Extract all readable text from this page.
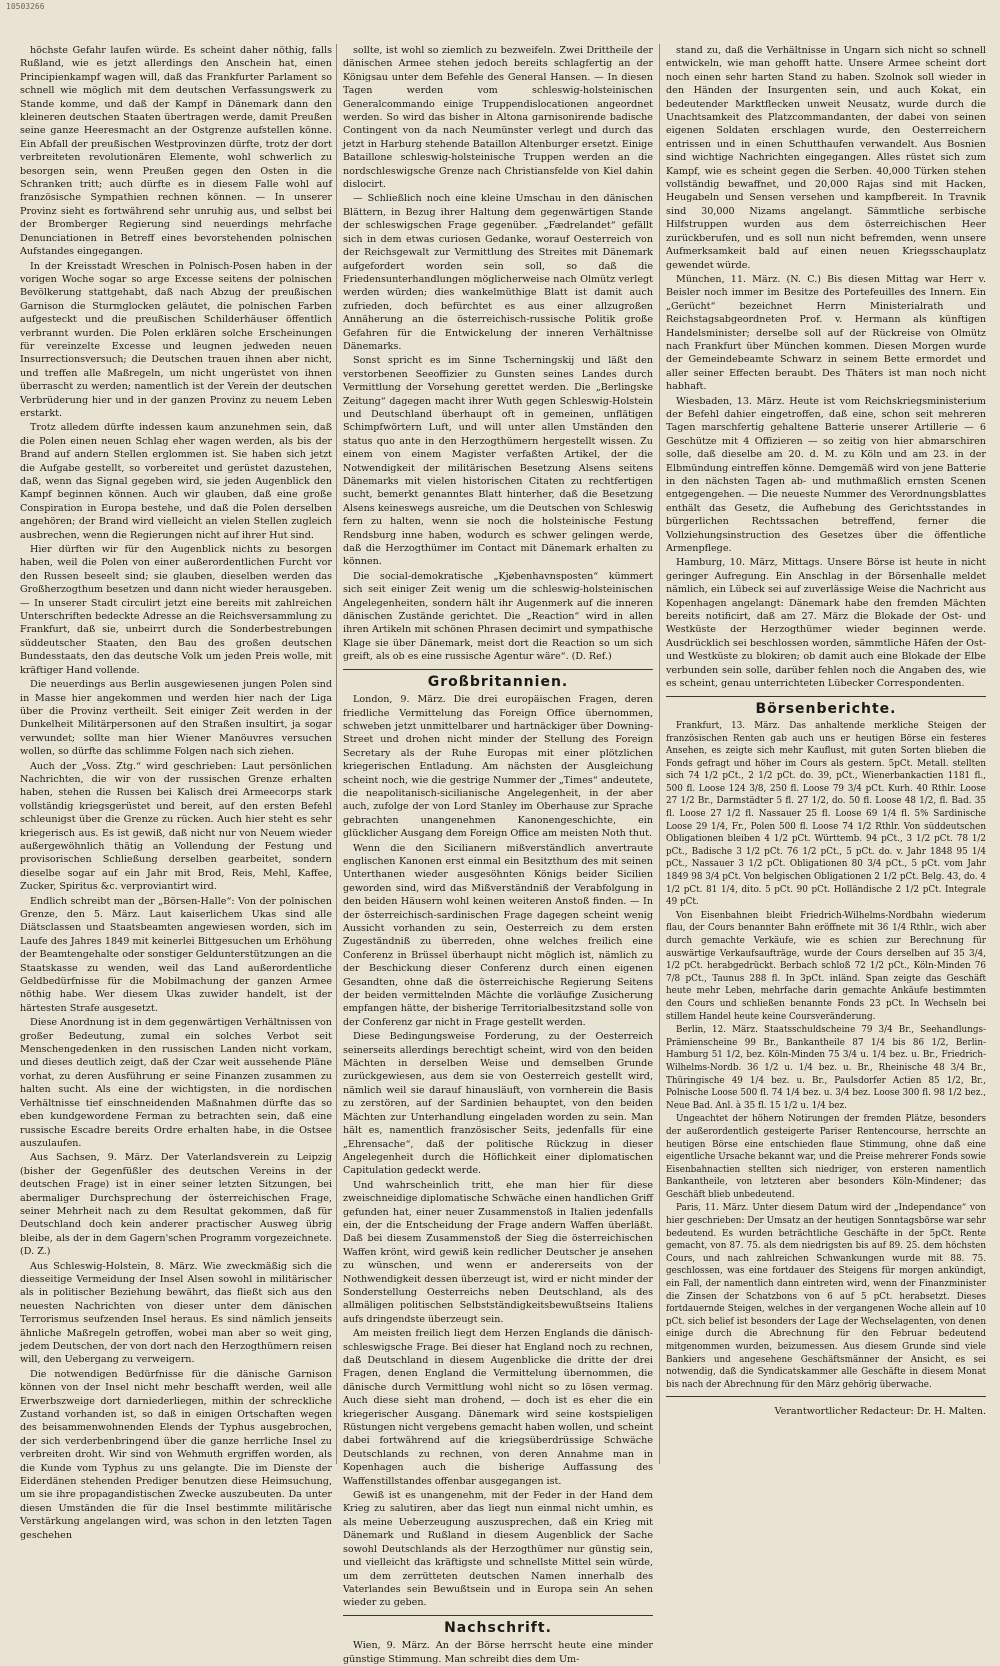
10503266

höchste Gefahr laufen würde. Es scheint daher nöthig, falls Rußland, wie es jetzt allerdings den Anschein hat, einen Principienkampf wagen will, daß das Frankfurter Parlament so schnell wie möglich mit dem deutschen Verfassungswerk zu Stande komme, und daß der Kampf in Dänemark dann den kleineren deutschen Staaten übertragen werde, damit Preußen seine ganze Heeresmacht an der Ostgrenze aufstellen könne. Ein Abfall der preußischen Westprovinzen dürfte, trotz der dort verbreiteten revolutionären Elemente, wohl schwerlich zu besorgen sein, wenn Preußen gegen den Osten in die Schranken tritt; auch dürfte es in diesem Falle wohl auf französische Sympathien rechnen können. — In unserer Provinz sieht es fortwährend sehr unruhig aus, und selbst bei der Bromberger Regierung sind neuerdings mehrfache Denunciationen in Betreff eines bevorstehenden polnischen Aufstandes eingegangen.

In der Kreisstadt Wreschen in Polnisch-Posen haben in der vorigen Woche sogar so arge Excesse seitens der polnischen Bevölkerung stattgehabt, daß nach Abzug der preußischen Garnison die Sturmglocken geläutet, die polnischen Farben aufgesteckt und die preußischen Schilderhäuser öffentlich verbrannt wurden. Die Polen erklären solche Erscheinungen für vereinzelte Excesse und leugnen jedweden neuen Insurrectionsversuch; die Deutschen trauen ihnen aber nicht, und treffen alle Maßregeln, um nicht ungerüstet von ihnen überrascht zu werden; namentlich ist der Verein der deutschen Verbrüderung hier und in der ganzen Provinz zu neuem Leben erstarkt.

Trotz alledem dürfte indessen kaum anzunehmen sein, daß die Polen einen neuen Schlag eher wagen werden, als bis der Brand auf andern Stellen erglommen ist. Sie haben sich jetzt die Aufgabe gestellt, so vorbereitet und gerüstet dazustehen, daß, wenn das Signal gegeben wird, sie jeden Augenblick den Kampf beginnen können. Auch wir glauben, daß eine große Conspiration in Europa bestehe, und daß die Polen derselben angehören; der Brand wird vielleicht an vielen Stellen zugleich ausbrechen, wenn die Regierungen nicht auf ihrer Hut sind.

Hier dürften wir für den Augenblick nichts zu besorgen haben, weil die Polen von einer außerordentlichen Furcht vor den Russen beseelt sind; sie glauben, dieselben werden das Großherzogthum besetzen und dann nicht wieder herausgeben. — In unserer Stadt circulirt jetzt eine bereits mit zahlreichen Unterschriften bedeckte Adresse an die Reichsversammlung zu Frankfurt, daß sie, unbeirrt durch die Sonderbestrebungen süddeutscher Staaten, den Bau des großen deutschen Bundesstaats, den das deutsche Volk um jeden Preis wolle, mit kräftiger Hand vollende.

Die neuerdings aus Berlin ausgewiesenen jungen Polen sind in Masse hier angekommen und werden hier nach der Liga über die Provinz vertheilt. Seit einiger Zeit werden in der Dunkelheit Militärpersonen auf den Straßen insultirt, ja sogar verwundet; sollte man hier Wiener Manöuvres versuchen wollen, so dürfte das schlimme Folgen nach sich ziehen.

Auch der „Voss. Ztg.“ wird geschrieben: Laut persönlichen Nachrichten, die wir von der russischen Grenze erhalten haben, stehen die Russen bei Kalisch drei Armeecorps stark vollständig kriegsgerüstet und bereit, auf den ersten Befehl schleunigst über die Grenze zu rücken. Auch hier steht es sehr kriegerisch aus. Es ist gewiß, daß nicht nur von Neuem wieder außergewöhnlich thätig an Vollendung der Festung und provisorischen Schließung derselben gearbeitet, sondern dieselbe sogar auf ein Jahr mit Brod, Reis, Mehl, Kaffee, Zucker, Spiritus &c. verproviantirt wird.

Endlich schreibt man der „Börsen-Halle“: Von der polnischen Grenze, den 5. März. Laut kaiserlichem Ukas sind alle Diätsclassen und Staatsbeamten angewiesen worden, sich im Laufe des Jahres 1849 mit keinerlei Bittgesuchen um Erhöhung der Beamtengehalte oder sonstiger Geldunterstützungen an die Staatskasse zu wenden, weil das Land außerordentliche Geldbedürfnisse für die Mobilmachung der ganzen Armee nöthig habe. Wer diesem Ukas zuwider handelt, ist der härtesten Strafe ausgesetzt.

Diese Anordnung ist in dem gegenwärtigen Verhältnissen von großer Bedeutung, zumal ein solches Verbot seit Menschengedenken in den russischen Landen nicht vorkam, und dieses deutlich zeigt, daß der Czar weit aussehende Pläne vorhat, zu deren Ausführung er seine Finanzen zusammen zu halten sucht. Als eine der wichtigsten, in die nordischen Verhältnisse tief einschneidenden Maßnahmen dürfte das so eben kundgewordene Ferman zu betrachten sein, daß eine russische Escadre bereits Ordre erhalten habe, in die Ostsee auszulaufen.

Aus Sachsen, 9. März. Der Vaterlandsverein zu Leipzig (bisher der Gegenfüßler des deutschen Vereins in der deutschen Frage) ist in einer seiner letzten Sitzungen, bei abermaliger Durchsprechung der österreichischen Frage, seiner Mehrheit nach zu dem Resultat gekommen, daß für Deutschland doch kein anderer practischer Ausweg übrig bleibe, als der in dem Gagern'schen Programm vorgezeichnete. (D. Z.)

Aus Schleswig-Holstein, 8. März. Wie zweckmäßig sich die diesseitige Vermeidung der Insel Alsen sowohl in militärischer als in politischer Beziehung bewährt, das fließt sich aus den neuesten Nachrichten von dieser unter dem dänischen Terrorismus seufzenden Insel heraus. Es sind nämlich jenseits ähnliche Maßregeln getroffen, wobei man aber so weit ging, jedem Deutschen, der von dort nach den Herzogthümern reisen will, den Uebergang zu verweigern.

Die notwendigen Bedürfnisse für die dänische Garnison können von der Insel nicht mehr beschafft werden, weil alle Erwerbszweige dort darniederliegen, mithin der schreckliche Zustand vorhanden ist, so daß in einigen Ortschaften wegen des beisammenwohnenden Elends der Typhus ausgebrochen, der sich verderbenbringend über die ganze herrliche Insel zu verbreiten droht. Wir sind von Wehmuth ergriffen worden, als die Kunde vom Typhus zu uns gelangte. Die im Dienste der Eiderdänen stehenden Prediger benutzen diese Heimsuchung, um sie ihre propagandistischen Zwecke auszubeuten. Da unter diesen Umständen die für die Insel bestimmte militärische Verstärkung angelangen wird, was schon in den letzten Tagen geschehen

sollte, ist wohl so ziemlich zu bezweifeln. Zwei Drittheile der dänischen Armee stehen jedoch bereits schlagfertig an der Königsau unter dem Befehle des General Hansen. — In diesen Tagen werden vom schleswig-holsteinischen Generalcommando einige Truppendislocationen angeordnet werden. So wird das bisher in Altona garnisonirende badische Contingent von da nach Neumünster verlegt und durch das jetzt in Harburg stehende Bataillon Altenburger ersetzt. Einige Bataillone schleswig-holsteinische Truppen werden an die nordschleswigsche Grenze nach Christiansfelde von Kiel dahin dislocirt.

— Schließlich noch eine kleine Umschau in den dänischen Blättern, in Bezug ihrer Haltung dem gegenwärtigen Stande der schleswigschen Frage gegenüber. „Fædrelandet“ gefällt sich in dem etwas curiosen Gedanke, worauf Oesterreich von der Reichsgewalt zur Vermittlung des Streites mit Dänemark aufgefordert worden sein soll, so daß die Friedensunterhandlungen möglicherweise nach Olmütz verlegt werden würden; dies wankelmüthige Blatt ist damit auch zufrieden, doch befürchtet es aus einer allzugroßen Annäherung an die österreichisch-russische Politik große Gefahren für die Entwickelung der inneren Verhältnisse Dänemarks.

Sonst spricht es im Sinne Tscherningskij und läßt den verstorbenen Seeoffizier zu Gunsten seines Landes durch Vermittlung der Vorsehung gerettet werden. Die „Berlingske Zeitung“ dagegen macht ihrer Wuth gegen Schleswig-Holstein und Deutschland überhaupt oft in gemeinen, unflätigen Schimpfwörtern Luft, und will unter allen Umständen den status quo ante in den Herzogthümern hergestellt wissen. Zu einem von einem Magister verfaßten Artikel, der die Notwendigkeit der militärischen Besetzung Alsens seitens Dänemarks mit vielen historischen Citaten zu rechtfertigen sucht, bemerkt genanntes Blatt hinterher, daß die Besetzung Alsens keineswegs ausreiche, um die Deutschen von Schleswig fern zu halten, wenn sie noch die holsteinische Festung Rendsburg inne haben, wodurch es schwer gelingen werde, daß die Herzogthümer im Contact mit Dänemark erhalten zu können.

Die social-demokratische „Kjøbenhavnsposten“ kümmert sich seit einiger Zeit wenig um die schleswig-holsteinischen Angelegenheiten, sondern hält ihr Augenmerk auf die inneren dänischen Zustände gerichtet. Die „Reaction“ wird in allen ihren Artikeln mit schönen Phrasen decimirt und sympathische Klage sie über Dänemark, meist dort die Reaction so um sich greift, als ob es eine russische Agentur wäre“. (D. Ref.)

Großbritannien.

London, 9. März. Die drei europäischen Fragen, deren friedliche Vermittelung das Foreign Office übernommen, schweben jetzt unmittelbarer und hartnäckiger über Downing-Street und drohen nicht minder der Stellung des Foreign Secretary als der Ruhe Europas mit einer plötzlichen kriegerischen Entladung. Am nächsten der Ausgleichung scheint noch, wie die gestrige Nummer der „Times“ andeutete, die neapolitanisch-sicilianische Angelegenheit, in der aber auch, zufolge der von Lord Stanley im Oberhause zur Sprache gebrachten unangenehmen Kanonengeschichte, ein glücklicher Ausgang dem Foreign Office am meisten Noth thut.

Wenn die den Sicilianern mißverständlich anvertraute englischen Kanonen erst einmal ein Besitzthum des mit seinen Unterthanen wieder ausgesöhnten Königs beider Sicilien geworden sind, wird das Mißverständniß der Verabfolgung in den beiden Häusern wohl keinen weiteren Anstoß finden. — In der österreichisch-sardinischen Frage dagegen scheint wenig Aussicht vorhanden zu sein, Oesterreich zu dem ersten Zugeständniß zu überreden, ohne welches freilich eine Conferenz in Brüssel überhaupt nicht möglich ist, nämlich zu der Beschickung dieser Conferenz durch einen eigenen Gesandten, ohne daß die österreichische Regierung Seitens der beiden vermittelnden Mächte die vorläufige Zusicherung empfangen hätte, der bisherige Territorialbesitzstand solle von der Conferenz gar nicht in Frage gestellt werden.

Diese Bedingungsweise Forderung, zu der Oesterreich seinerseits allerdings berechtigt scheint, wird von den beiden Mächten in derselben Weise und demselben Grunde zurückgewiesen, aus dem sie von Oesterreich gestellt wird, nämlich weil sie darauf hinausläuft, von vornherein die Basis zu zerstören, auf der Sardinien behauptet, von den beiden Mächten zur Unterhandlung eingeladen worden zu sein. Man hält es, namentlich französischer Seits, jedenfalls für eine „Ehrensache“, daß der politische Rückzug in dieser Angelegenheit durch die Höflichkeit einer diplomatischen Capitulation gedeckt werde.

Und wahrscheinlich tritt, ehe man hier für diese zweischneidige diplomatische Schwäche einen handlichen Griff gefunden hat, einer neuer Zusammenstoß in Italien jedenfalls ein, der die Entscheidung der Frage andern Waffen überläßt. Daß bei diesem Zusammenstoß der Sieg die österreichischen Waffen krönt, wird gewiß kein redlicher Deutscher je ansehen zu wünschen, und wenn er andererseits von der Nothwendigkeit dessen überzeugt ist, wird er nicht minder der Sonderstellung Oesterreichs neben Deutschland, als des allmäligen politischen Selbstständigkeitsbewußtseins Italiens aufs dringendste überzeugt sein.

Am meisten freilich liegt dem Herzen Englands die dänisch-schleswigsche Frage. Bei dieser hat England noch zu rechnen, daß Deutschland in diesem Augenblicke die dritte der drei Fragen, denen England die Vermittelung übernommen, die dänische durch Vermittlung wohl nicht so zu lösen vermag. Auch diese sieht man drohend, — doch ist es eher die ein kriegerischer Ausgang. Dänemark wird seine kostspieligen Rüstungen nicht vergebens gemacht haben wollen, und scheint dabei fortwährend auf die kriegsüberdrüssige Schwäche Deutschlands zu rechnen, von deren Annahme man in Kopenhagen auch die bisherige Auffassung des Waffenstillstandes offenbar ausgegangen ist.

Gewiß ist es unangenehm, mit der Feder in der Hand dem Krieg zu salutiren, aber das liegt nun einmal nicht umhin, es als meine Ueberzeugung auszusprechen, daß ein Krieg mit Dänemark und Rußland in diesem Augenblick der Sache sowohl Deutschlands als der Herzogthümer nur günstig sein, und vielleicht das kräftigste und schnellste Mittel sein würde, um dem zerrütteten deutschen Namen innerhalb des Vaterlandes sein Bewußtsein und in Europa sein An sehen wieder zu geben.

Nachschrift.

Wien, 9. März. An der Börse herrscht heute eine minder günstige Stimmung. Man schreibt dies dem Um-

stand zu, daß die Verhältnisse in Ungarn sich nicht so schnell entwickeln, wie man gehofft hatte. Unsere Armee scheint dort noch einen sehr harten Stand zu haben. Szolnok soll wieder in den Händen der Insurgenten sein, und auch Kokat, ein bedeutender Marktflecken unweit Neusatz, wurde durch die Unachtsamkeit des Platzcommandanten, der dabei von seinen eigenen Soldaten erschlagen wurde, den Oesterreichern entrissen und in einen Schutthaufen verwandelt. Aus Bosnien sind wichtige Nachrichten eingegangen. Alles rüstet sich zum Kampf, wie es scheint gegen die Serben. 40,000 Türken stehen vollständig bewaffnet, und 20,000 Rajas sind mit Hacken, Heugabeln und Sensen versehen und kampfbereit. In Travnik sind 30,000 Nizams angelangt. Sämmtliche serbische Hilfstruppen wurden aus dem österreichischen Heer zurückberufen, und es soll nun nicht befremden, wenn unsere Aufmerksamkeit bald auf einen neuen Kriegsschauplatz gewendet würde.

München, 11. März. (N. C.) Bis diesen Mittag war Herr v. Beisler noch immer im Besitze des Portefeuilles des Innern. Ein „Gerücht“ bezeichnet Herrn Ministerialrath und Reichstagsabgeordneten Prof. v. Hermann als künftigen Handelsminister; derselbe soll auf der Rückreise von Olmütz nach Frankfurt über München kommen. Diesen Morgen wurde der Gemeindebeamte Schwarz in seinem Bette ermordet und aller seiner Effecten beraubt. Des Thäters ist man noch nicht habhaft.

Wiesbaden, 13. März. Heute ist vom Reichskriegsministerium der Befehl dahier eingetroffen, daß eine, schon seit mehreren Tagen marschfertig gehaltene Batterie unserer Artillerie — 6 Geschütze mit 4 Offizieren — so zeitig von hier abmarschiren solle, daß dieselbe am 20. d. M. zu Köln und am 23. in der Elbmündung eintreffen könne. Demgemäß wird von jene Batterie in den nächsten Tagen ab- und muthmaßlich ernsten Scenen entgegengehen. — Die neueste Nummer des Verordnungsblattes enthält das Gesetz, die Aufhebung des Gerichtsstandes in bürgerlichen Rechtssachen betreffend, ferner die Vollziehungsinstruction des Gesetzes über die öffentliche Armenpflege.

Hamburg, 10. März, Mittags. Unsere Börse ist heute in nicht geringer Aufregung. Ein Anschlag in der Börsenhalle meldet nämlich, ein Lübeck sei auf zuverlässige Weise die Nachricht aus Kopenhagen angelangt: Dänemark habe den fremden Mächten bereits notificirt, daß am 27. März die Blokade der Ost- und Westküste der Herzogthümer wieder beginnen werde. Ausdrücklich sei beschlossen worden, sämmtliche Häfen der Ost- und Westküste zu blokiren; ob damit auch eine Blokade der Elbe verbunden sein solle, darüber fehlen noch die Angaben des, wie es scheint, genau unterrichteten Lübecker Correspondenten.

Börsenberichte.

Frankfurt, 13. März. Das anhaltende merkliche Steigen der französischen Renten gab auch uns er heutigen Börse ein festeres Ansehen, es zeigte sich mehr Kauflust, mit guten Sorten blieben die Fonds gefragt und höher im Cours als gestern. 5pCt. Metall. stellten sich 74 1/2 pCt., 2 1/2 pCt. do. 39, pCt., Wienerbankactien 1181 fl., 500 fl. Loose 124 3/8, 250 fl. Loose 79 3/4 pCt. Kurh. 40 Rthlr. Loose 27 1/2 Br., Darmstädter 5 fl. 27 1/2, do. 50 fl. Loose 48 1/2, fl. Bad. 35 fl. Loose 27 1/2 fl. Nassauer 25 fl. Loose 69 1/4 fl. 5% Sardinische Loose 29 1/4, Fr., Polen 500 fl. Loose 74 1/2 Rthlr. Von süddeutschen Obligationen bleiben 4 1/2 pCt. Württemb. 94 pCt., 3 1/2 pCt. 78 1/2 pCt., Badische 3 1/2 pCt. 76 1/2 pCt., 5 pCt. do. v. Jahr 1848 95 1/4 pCt., Nassauer 3 1/2 pCt. Obligationen 80 3/4 pCt., 5 pCt. vom Jahr 1849 98 3/4 pCt. Von belgischen Obligationen 2 1/2 pCt. Belg. 43, do. 4 1/2 pCt. 81 1/4, dito. 5 pCt. 90 pCt. Holländische 2 1/2 pCt. Integrale 49 pCt.

Von Eisenbahnen bleibt Friedrich-Wilhelms-Nordbahn wiederum flau, der Cours benannter Bahn eröffnete mit 36 1/4 Rthlr., wich aber durch gemachte Verkäufe, wie es schien zur Berechnung für auswärtige Verkaufsaufträge, wurde der Cours derselben auf 35 3/4, 1/2 pCt. herabgedrückt. Berbach schloß 72 1/2 pCt., Köln-Minden 76 7/8 pCt., Taunus 288 fl. In 3pCt. inländ. Span zeigte das Geschäft heute mehr Leben, mehrfache darin gemachte Ankäufe bestimmten den Cours und schließen benannte Fonds 23 pCt. In Wechseln bei stillem Handel heute keine Coursveränderung.

Berlin, 12. März. Staatsschuldscheine 79 3/4 Br., Seehandlungs-Prämienscheine 99 Br., Bankantheile 87 1/4 bis 86 1/2, Berlin-Hamburg 51 1/2, bez. Köln-Minden 75 3/4 u. 1/4 bez. u. Br., Friedrich-Wilhelms-Nordb. 36 1/2 u. 1/4 bez. u. Br., Rheinische 48 3/4 Br., Thüringische 49 1/4 bez. u. Br., Paulsdorfer Actien 85 1/2, Br., Polnische Loose 500 fl. 74 1/4 bez. u. 3/4 bez. Loose 300 fl. 98 1/2 bez., Neue Bad. Anl. à 35 fl. 15 1/2 u. 1/4 bez.

Ungeachtet der höhern Notirungen der fremden Plätze, besonders der außerordentlich gesteigerte Pariser Rentencourse, herrschte an heutigen Börse eine entschieden flaue Stimmung, ohne daß eine eigentliche Ursache bekannt war, und die Preise mehrerer Fonds sowie Eisenbahnactien stellten sich niedriger, von ersteren namentlich Bankantheile, von letzteren aber besonders Köln-Mindener; das Geschäft blieb unbedeutend.

Paris, 11. März. Unter diesem Datum wird der „Independance“ von hier geschrieben: Der Umsatz an der heutigen Sonntagsbörse war sehr bedeutend. Es wurden beträchtliche Geschäfte in der 5pCt. Rente gemacht, von 87. 75. als dem niedrigsten bis auf 89. 25. dem höchsten Cours, und nach zahlreichen Schwankungen wurde mit 88. 75. geschlossen, was eine fortdauer des Steigens für morgen ankündigt, ein Fall, der namentlich dann eintreten wird, wenn der Finanzminister die Zinsen der Schatzbons von 6 auf 5 pCt. herabsetzt. Dieses fortdauernde Steigen, welches in der vergangenen Woche allein auf 10 pCt. sich belief ist besonders der Lage der Wechselagenten, von denen einige durch die Abrechnung für den Februar bedeutend mitgenommen wurden, beizumessen. Aus diesem Grunde sind viele Bankiers und angesehene Geschäftsmänner der Ansicht, es sei notwendig, daß die Syndicatskammer alle Geschäfte in diesem Monat bis nach der Abrechnung für den März gehörig überwache.

Verantwortlicher Redacteur: Dr. H. Malten.
